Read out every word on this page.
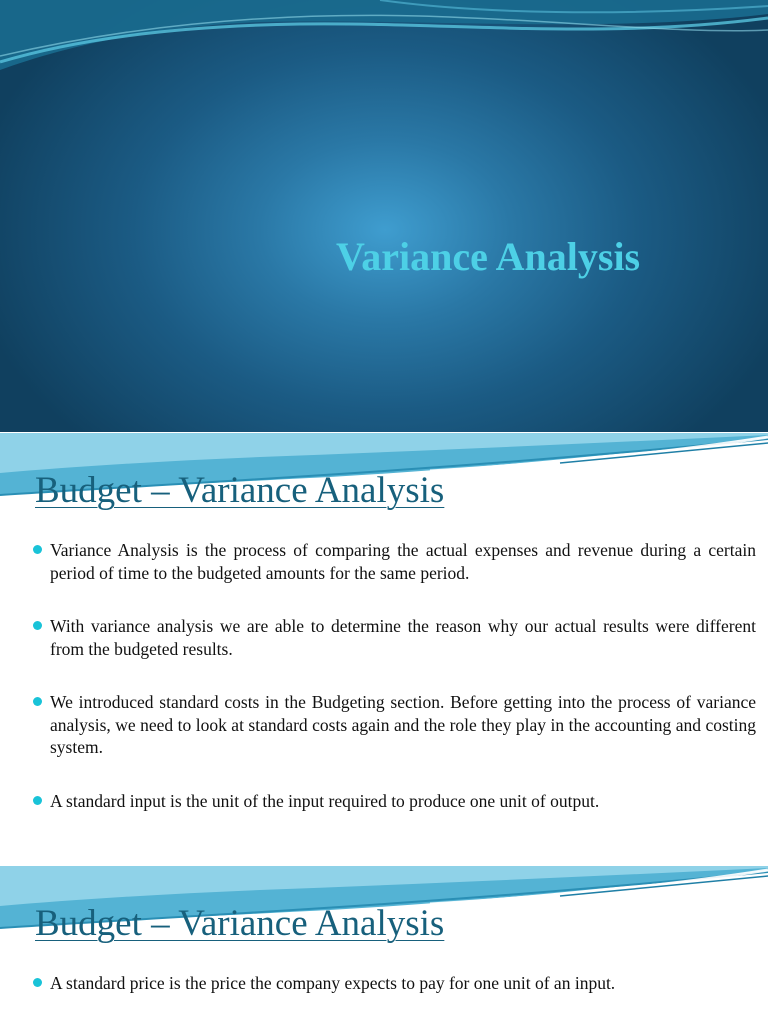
Variance Analysis
Budget – Variance Analysis
Variance Analysis is the process of comparing the actual expenses and revenue during a certain period of time to the budgeted amounts for the same period.
With variance analysis we are able to determine the reason why our actual results were different from the budgeted results.
We introduced standard costs in the Budgeting section. Before getting into the process of variance analysis, we need to look at standard costs again and the role they play in the accounting and costing system.
A standard input is the unit of the input required to produce one unit of output.
Budget – Variance Analysis
A standard price is the price the company expects to pay for one unit of an input.
